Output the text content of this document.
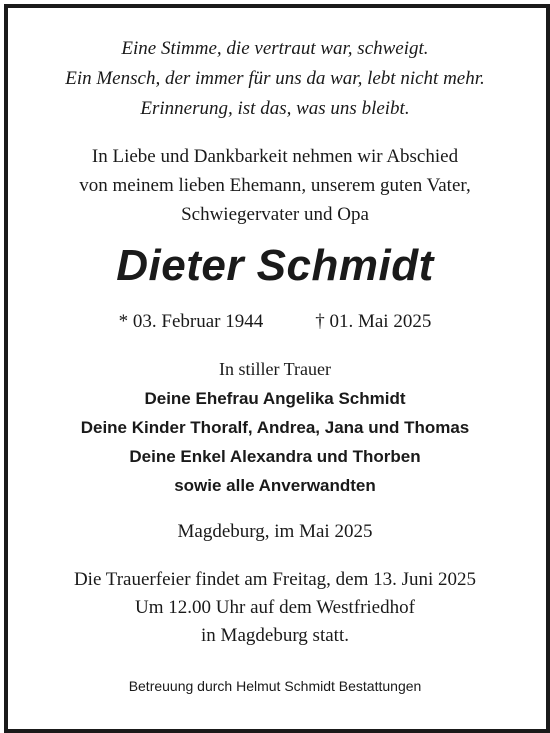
Eine Stimme, die vertraut war, schweigt.
Ein Mensch, der immer für uns da war, lebt nicht mehr.
Erinnerung, ist das, was uns bleibt.
In Liebe und Dankbarkeit nehmen wir Abschied
von meinem lieben Ehemann, unserem guten Vater,
Schwiegervater und Opa
Dieter Schmidt
* 03. Februar 1944	† 01. Mai 2025
In stiller Trauer
Deine Ehefrau Angelika Schmidt
Deine Kinder Thoralf, Andrea, Jana und Thomas
Deine Enkel Alexandra und Thorben
sowie alle Anverwandten
Magdeburg, im Mai 2025
Die Trauerfeier findet am Freitag, dem 13. Juni 2025
Um 12.00 Uhr auf dem Westfriedhof
in Magdeburg statt.
Betreuung durch Helmut Schmidt Bestattungen
